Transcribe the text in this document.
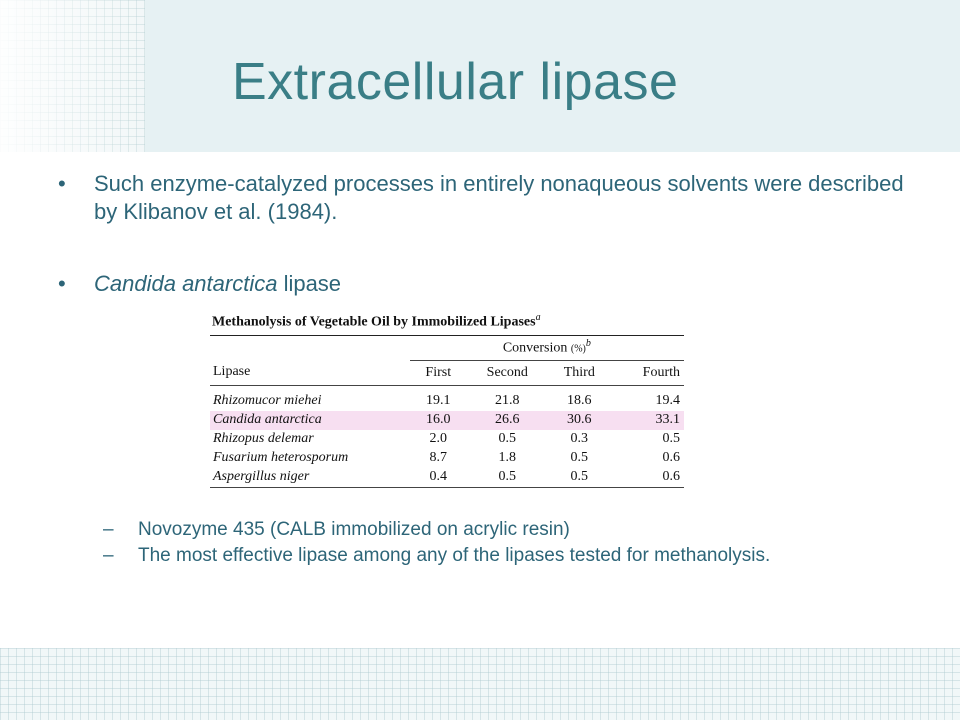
Extracellular lipase
• Such enzyme-catalyzed processes in entirely nonaqueous solvents were described by Klibanov et al. (1984).
• Candida antarctica lipase
Methanolysis of Vegetable Oil by Immobilized Lipases$^a$
	Conversion (%)$^b$
Lipase	First	Second	Third	Fourth

Rhizomucor miehei	19.1	21.8	18.6	19.4
Candida antarctica	16.0	26.6	30.6	33.1
Rhizopus delemar	2.0	0.5	0.3	0.5
Fusarium heterosporum	8.7	1.8	0.5	0.6
Aspergillus niger	0.4	0.5	0.5	0.6
– Novozyme 435 (CALB immobilized on acrylic resin)
– The most effective lipase among any of the lipases tested for methanolysis.
